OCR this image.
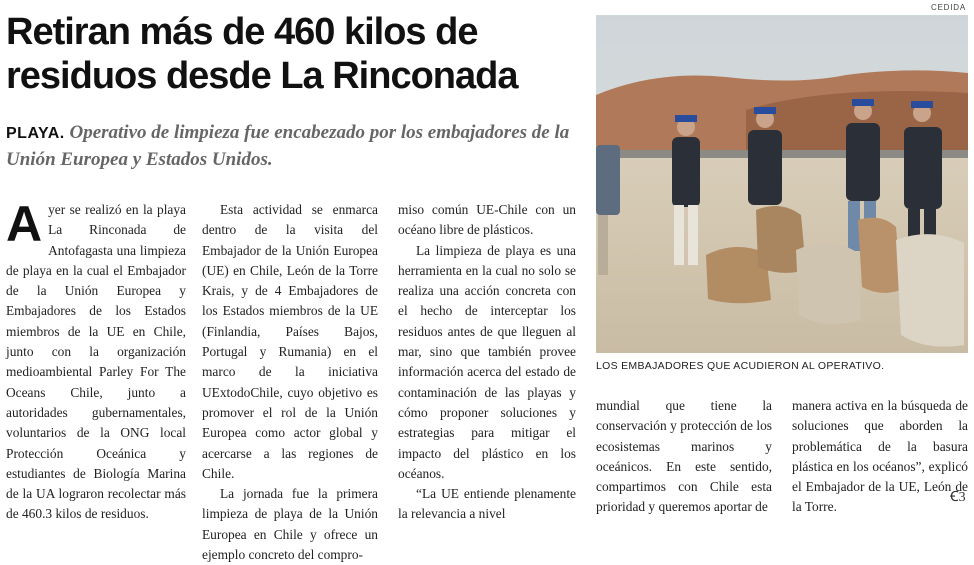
Retiran más de 460 kilos de residuos desde La Rinconada
PLAYA. Operativo de limpieza fue encabezado por los embajadores de la Unión Europea y Estados Unidos.

A yer se realizó en la playa La Rinconada de Antofagasta una limpieza de playa en la cual el Embajador de la Unión Europea y Embajadores de los Estados miembros de la UE en Chile, junto con la organización medioambiental Parley For The Oceans Chile, junto a autoridades gubernamentales, voluntarios de la ONG local Protección Oceánica y estudiantes de Biología Marina de la UA lograron recolectar más de 460.3 kilos de residuos.

Esta actividad se enmarca dentro de la visita del Embajador de la Unión Europea (UE) en Chile, León de la Torre Krais, y de 4 Embajadores de los Estados miembros de la UE (Finlandia, Países Bajos, Portugal y Rumania) en el marco de la iniciativa UExtodoChile, cuyo objetivo es promover el rol de la Unión Europea como actor global y acercarse a las regiones de Chile.

La jornada fue la primera limpieza de playa de la Unión Europea en Chile y ofrece un ejemplo concreto del compro-

miso común UE-Chile con un océano libre de plásticos.

La limpieza de playa es una herramienta en la cual no solo se realiza una acción concreta con el hecho de interceptar los residuos antes de que lleguen al mar, sino que también provee información acerca del estado de contaminación de las playas y cómo proponer soluciones y estrategias para mitigar el impacto del plástico en los océanos.

“La UE entiende plenamente la relevancia a nivel

CEDIDA
LOS EMBAJADORES QUE ACUDIERON AL OPERATIVO.

mundial que tiene la conservación y protección de los ecosistemas marinos y oceánicos. En este sentido, compartimos con Chile esta prioridad y queremos aportar de

manera activa en la búsqueda de soluciones que aborden la problemática de la basura plástica en los océanos”, explicó el Embajador de la UE, León de la Torre.

Ꞓ3
